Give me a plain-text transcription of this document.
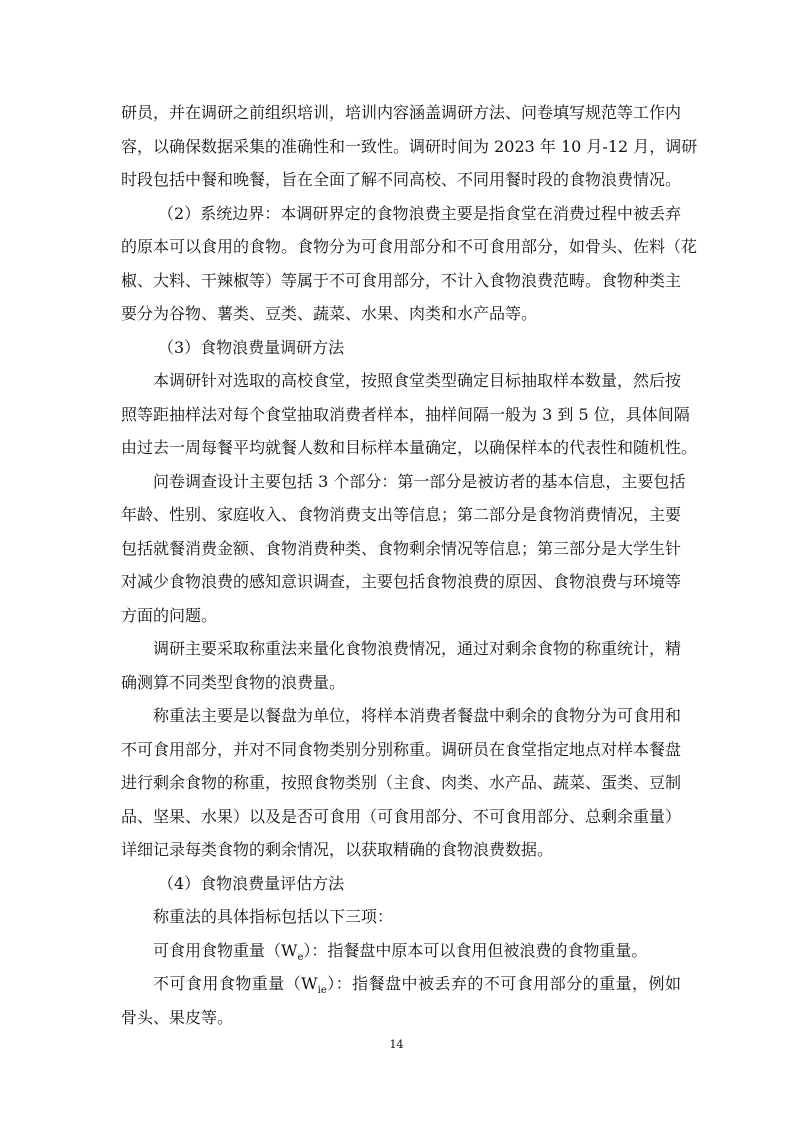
研员，并在调研之前组织培训，培训内容涵盖调研方法、问卷填写规范等工作内
容，以确保数据采集的准确性和一致性。调研时间为 2023 年 10 月-12 月，调研
时段包括中餐和晚餐，旨在全面了解不同高校、不同用餐时段的食物浪费情况。
（2）系统边界：本调研界定的食物浪费主要是指食堂在消费过程中被丢弃
的原本可以食用的食物。食物分为可食用部分和不可食用部分，如骨头、佐料（花
椒、大料、干辣椒等）等属于不可食用部分，不计入食物浪费范畴。食物种类主
要分为谷物、薯类、豆类、蔬菜、水果、肉类和水产品等。
（3）食物浪费量调研方法
本调研针对选取的高校食堂，按照食堂类型确定目标抽取样本数量，然后按
照等距抽样法对每个食堂抽取消费者样本，抽样间隔一般为 3 到 5 位，具体间隔
由过去一周每餐平均就餐人数和目标样本量确定，以确保样本的代表性和随机性。
问卷调查设计主要包括 3 个部分：第一部分是被访者的基本信息，主要包括
年龄、性别、家庭收入、食物消费支出等信息；第二部分是食物消费情况，主要
包括就餐消费金额、食物消费种类、食物剩余情况等信息；第三部分是大学生针
对减少食物浪费的感知意识调查，主要包括食物浪费的原因、食物浪费与环境等
方面的问题。
调研主要采取称重法来量化食物浪费情况，通过对剩余食物的称重统计，精
确测算不同类型食物的浪费量。
称重法主要是以餐盘为单位，将样本消费者餐盘中剩余的食物分为可食用和
不可食用部分，并对不同食物类别分别称重。调研员在食堂指定地点对样本餐盘
进行剩余食物的称重，按照食物类别（主食、肉类、水产品、蔬菜、蛋类、豆制
品、坚果、水果）以及是否可食用（可食用部分、不可食用部分、总剩余重量）
详细记录每类食物的剩余情况，以获取精确的食物浪费数据。
（4）食物浪费量评估方法
称重法的具体指标包括以下三项：
可食用食物重量$(W_e)$：指餐盘中原本可以食用但被浪费的食物重量。
不可食用食物重量$(W_{ie})$：指餐盘中被丢弃的不可食用部分的重量，例如
骨头、果皮等。
14
